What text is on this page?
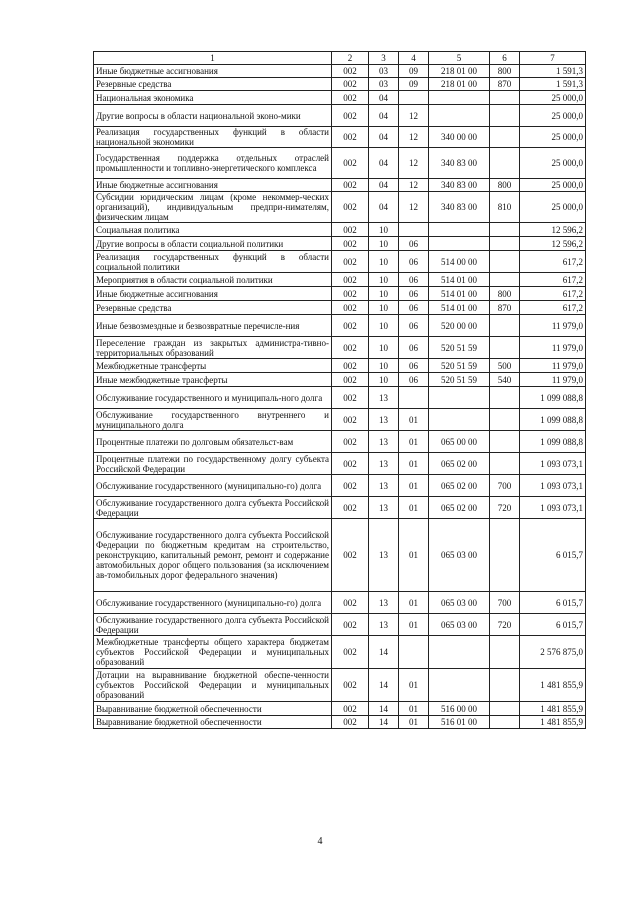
1	2	3	4	5	6	7
Иные бюджетные ассигнования	002	03	09	218 01 00	800	1 591,3
Резервные средства	002	03	09	218 01 00	870	1 591,3
Национальная экономика	002	04				25 000,0
Другие вопросы в области национальной эконо-мики	002	04	12			25 000,0
Реализация государственных функций в области национальной экономики	002	04	12	340 00 00		25 000,0
Государственная поддержка отдельных отраслей промышленности и топливно-энергетического комплекса	002	04	12	340 83 00		25 000,0
Иные бюджетные ассигнования	002	04	12	340 83 00	800	25 000,0
Субсидии юридическим лицам (кроме некоммер-ческих организаций), индивидуальным предпри-нимателям, физическим лицам	002	04	12	340 83 00	810	25 000,0
Социальная политика	002	10				12 596,2
Другие вопросы в области социальной политики	002	10	06			12 596,2
Реализация государственных функций в области социальной политики	002	10	06	514 00 00		617,2
Мероприятия в области социальной политики	002	10	06	514 01 00		617,2
Иные бюджетные ассигнования	002	10	06	514 01 00	800	617,2
Резервные средства	002	10	06	514 01 00	870	617,2
Иные безвозмездные и безвозвратные перечисле-ния	002	10	06	520 00 00		11 979,0
Переселение граждан из закрытых администра-тивно-территориальных образований	002	10	06	520 51 59		11 979,0
Межбюджетные трансферты	002	10	06	520 51 59	500	11 979,0
Иные межбюджетные трансферты	002	10	06	520 51 59	540	11 979,0
Обслуживание государственного и муниципаль-ного долга	002	13				1 099 088,8
Обслуживание государственного внутреннего и муниципального долга	002	13	01			1 099 088,8
Процентные платежи по долговым обязательст-вам	002	13	01	065 00 00		1 099 088,8
Процентные платежи по государственному долгу субъекта Российской Федерации	002	13	01	065 02 00		1 093 073,1
Обслуживание государственного (муниципально-го) долга	002	13	01	065 02 00	700	1 093 073,1
Обслуживание государственного долга субъекта Российской Федерации	002	13	01	065 02 00	720	1 093 073,1
Обслуживание государственного долга субъекта Российской Федерации по бюджетным кредитам на строительство, реконструкцию, капитальный ремонт, ремонт и содержание автомобильных дорог общего пользования (за исключением ав-томобильных дорог федерального значения)	002	13	01	065 03 00		6 015,7
Обслуживание государственного (муниципально-го) долга	002	13	01	065 03 00	700	6 015,7
Обслуживание государственного долга субъекта Российской Федерации	002	13	01	065 03 00	720	6 015,7
Межбюджетные трансферты общего характера бюджетам субъектов Российской Федерации и муниципальных образований	002	14				2 576 875,0
Дотации на выравнивание бюджетной обеспе-ченности субъектов Российской Федерации и муниципальных образований	002	14	01			1 481 855,9
Выравнивание бюджетной обеспеченности	002	14	01	516 00 00		1 481 855,9
Выравнивание бюджетной обеспеченности	002	14	01	516 01 00		1 481 855,9
4
